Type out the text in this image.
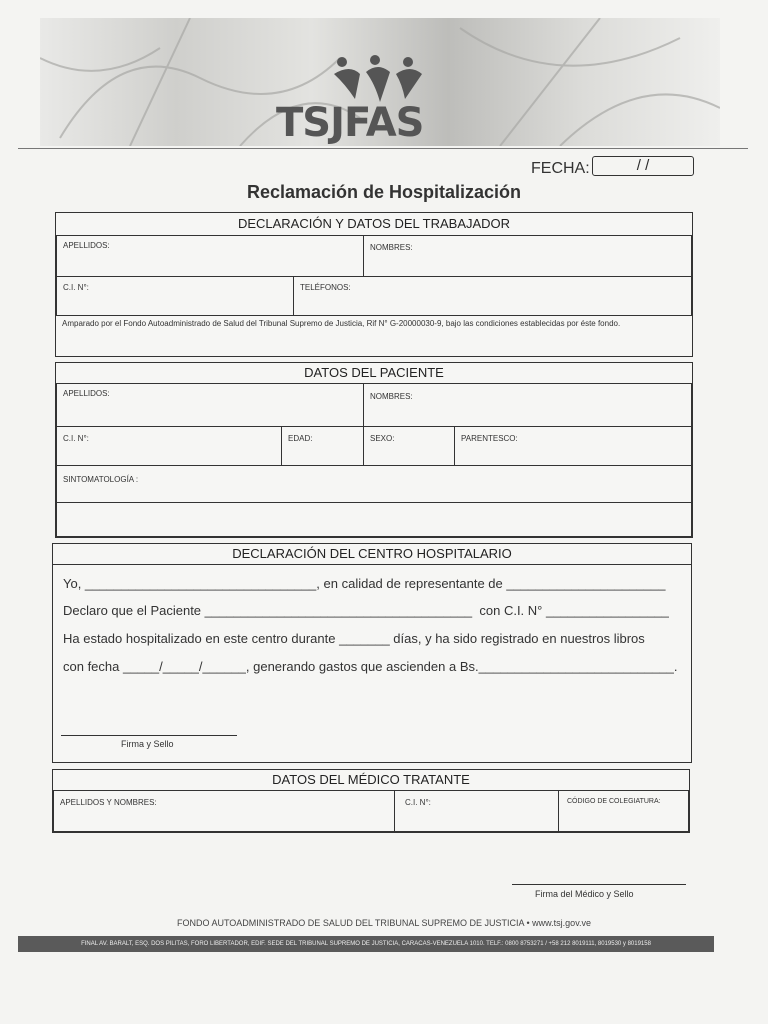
TSJFAS
FECHA:	/ /
Reclamación de Hospitalización
DECLARACIÓN Y DATOS DEL TRABAJADOR
APELLIDOS:	NOMBRES:
C.I. N°:	TELÉFONOS:
Amparado por el Fondo Autoadministrado de Salud del Tribunal Supremo de Justicia, Rif N° G-20000030-9, bajo las condiciones establecidas por éste fondo.
DATOS DEL PACIENTE
APELLIDOS:	NOMBRES:
C.I. N°:	EDAD:	SEXO:	PARENTESCO:
SINTOMATOLOGÍA :
DECLARACIÓN DEL CENTRO HOSPITALARIO
Yo, ________________________________, en calidad de representante de ______________________
Declaro que el Paciente _____________________________________  con C.I. N° _________________
Ha estado hospitalizado en este centro durante _______ días, y ha sido registrado en nuestros libros
con fecha _____/_____/______, generando gastos que ascienden a Bs.___________________________.
Firma y Sello
DATOS DEL MÉDICO TRATANTE
APELLIDOS Y NOMBRES:	C.I. N°:	CÓDIGO DE COLEGIATURA:
Firma del Médico y Sello
FONDO AUTOADMINISTRADO DE SALUD DEL TRIBUNAL SUPREMO DE JUSTICIA • www.tsj.gov.ve
FINAL AV. BARALT, ESQ. DOS PILITAS, FORO LIBERTADOR, EDIF. SEDE DEL TRIBUNAL SUPREMO DE JUSTICIA, CARACAS-VENEZUELA 1010. TELF.: 0800 8753271 / +58 212 8019111, 8019530 y 8019158
